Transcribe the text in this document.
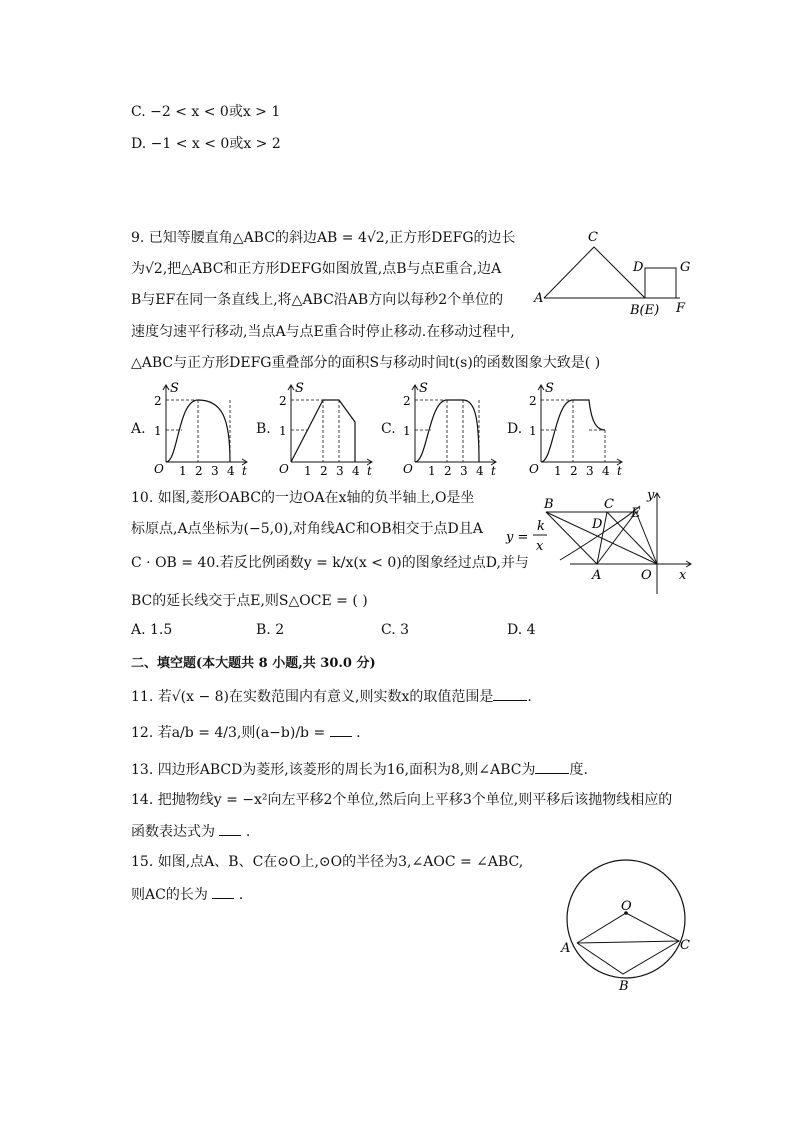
C. −2 < x < 0或x > 1
D. −1 < x < 0或x > 2
9. 已知等腰直角△ABC的斜边AB = 4√2,正方形DEFG的边长
为√2,把△ABC和正方形DEFG如图放置,点B与点E重合,边A
B与EF在同一条直线上,将△ABC沿AB方向以每秒2个单位的
速度匀速平行移动,当点A与点E重合时停止移动.在移动过程中,
△ABC与正方形DEFG重叠部分的面积S与移动时间t(s)的函数图象大致是( )
C
A
B(E)
D	G
F
A.
S
2
1
O 1 2 3 4 t
B.
S
2
1
O 1 2 3 4 t
C.
S
2
1
O 1 2 3 4 t
D.
S
2
1
O 1 2 3 4 t
10. 如图,菱形OABC的一边OA在x轴的负半轴上,O是坐
标原点,A点坐标为(−5,0),对角线AC和OB相交于点D且A
C · OB = 40.若反比例函数y = k/x(x < 0)的图象经过点D,并与
BC的延长线交于点E,则S△OCE = ( )
B	C
E
D
A	O x
y
y =
k
x
A. 1.5	B. 2	C. 3	D. 4
二、填空题(本大题共 8 小题,共 30.0 分)
11. 若√(x − 8)在实数范围内有意义,则实数x的取值范围是 .
12. 若a/b = 4/3,则(a−b)/b = .
13. 四边形ABCD为菱形,该菱形的周长为16,面积为8,则∠ABC为 度.
14. 把抛物线y = −x²向左平移2个单位,然后向上平移3个单位,则平移后该抛物线相应的
函数表达式为 .
15. 如图,点A、B、C在⊙O上,⊙O的半径为3,∠AOC = ∠ABC,
则AC的长为 .
O
A	C
B
